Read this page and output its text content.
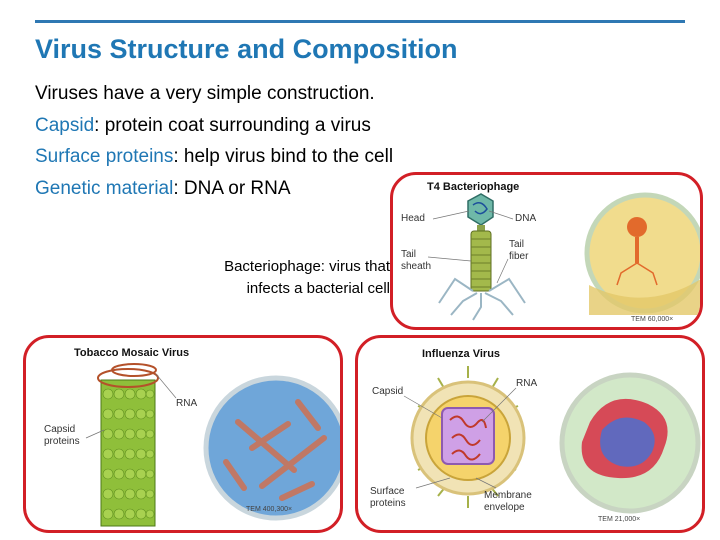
Virus Structure and Composition
Viruses have a very simple construction.
Capsid: protein coat surrounding a virus
Surface proteins: help virus bind to the cell
Genetic material: DNA or RNA
Bacteriophage: virus that
infects a bacterial cell
T4 Bacteriophage
Head	DNA
Tail
sheath
Tail
fiber
TEM 60,000×
Tobacco Mosaic Virus
RNA
Capsid
proteins
TEM 400,300×
Influenza Virus
Capsid
RNA
Surface
proteins
Membrane
envelope
TEM 21,000×
